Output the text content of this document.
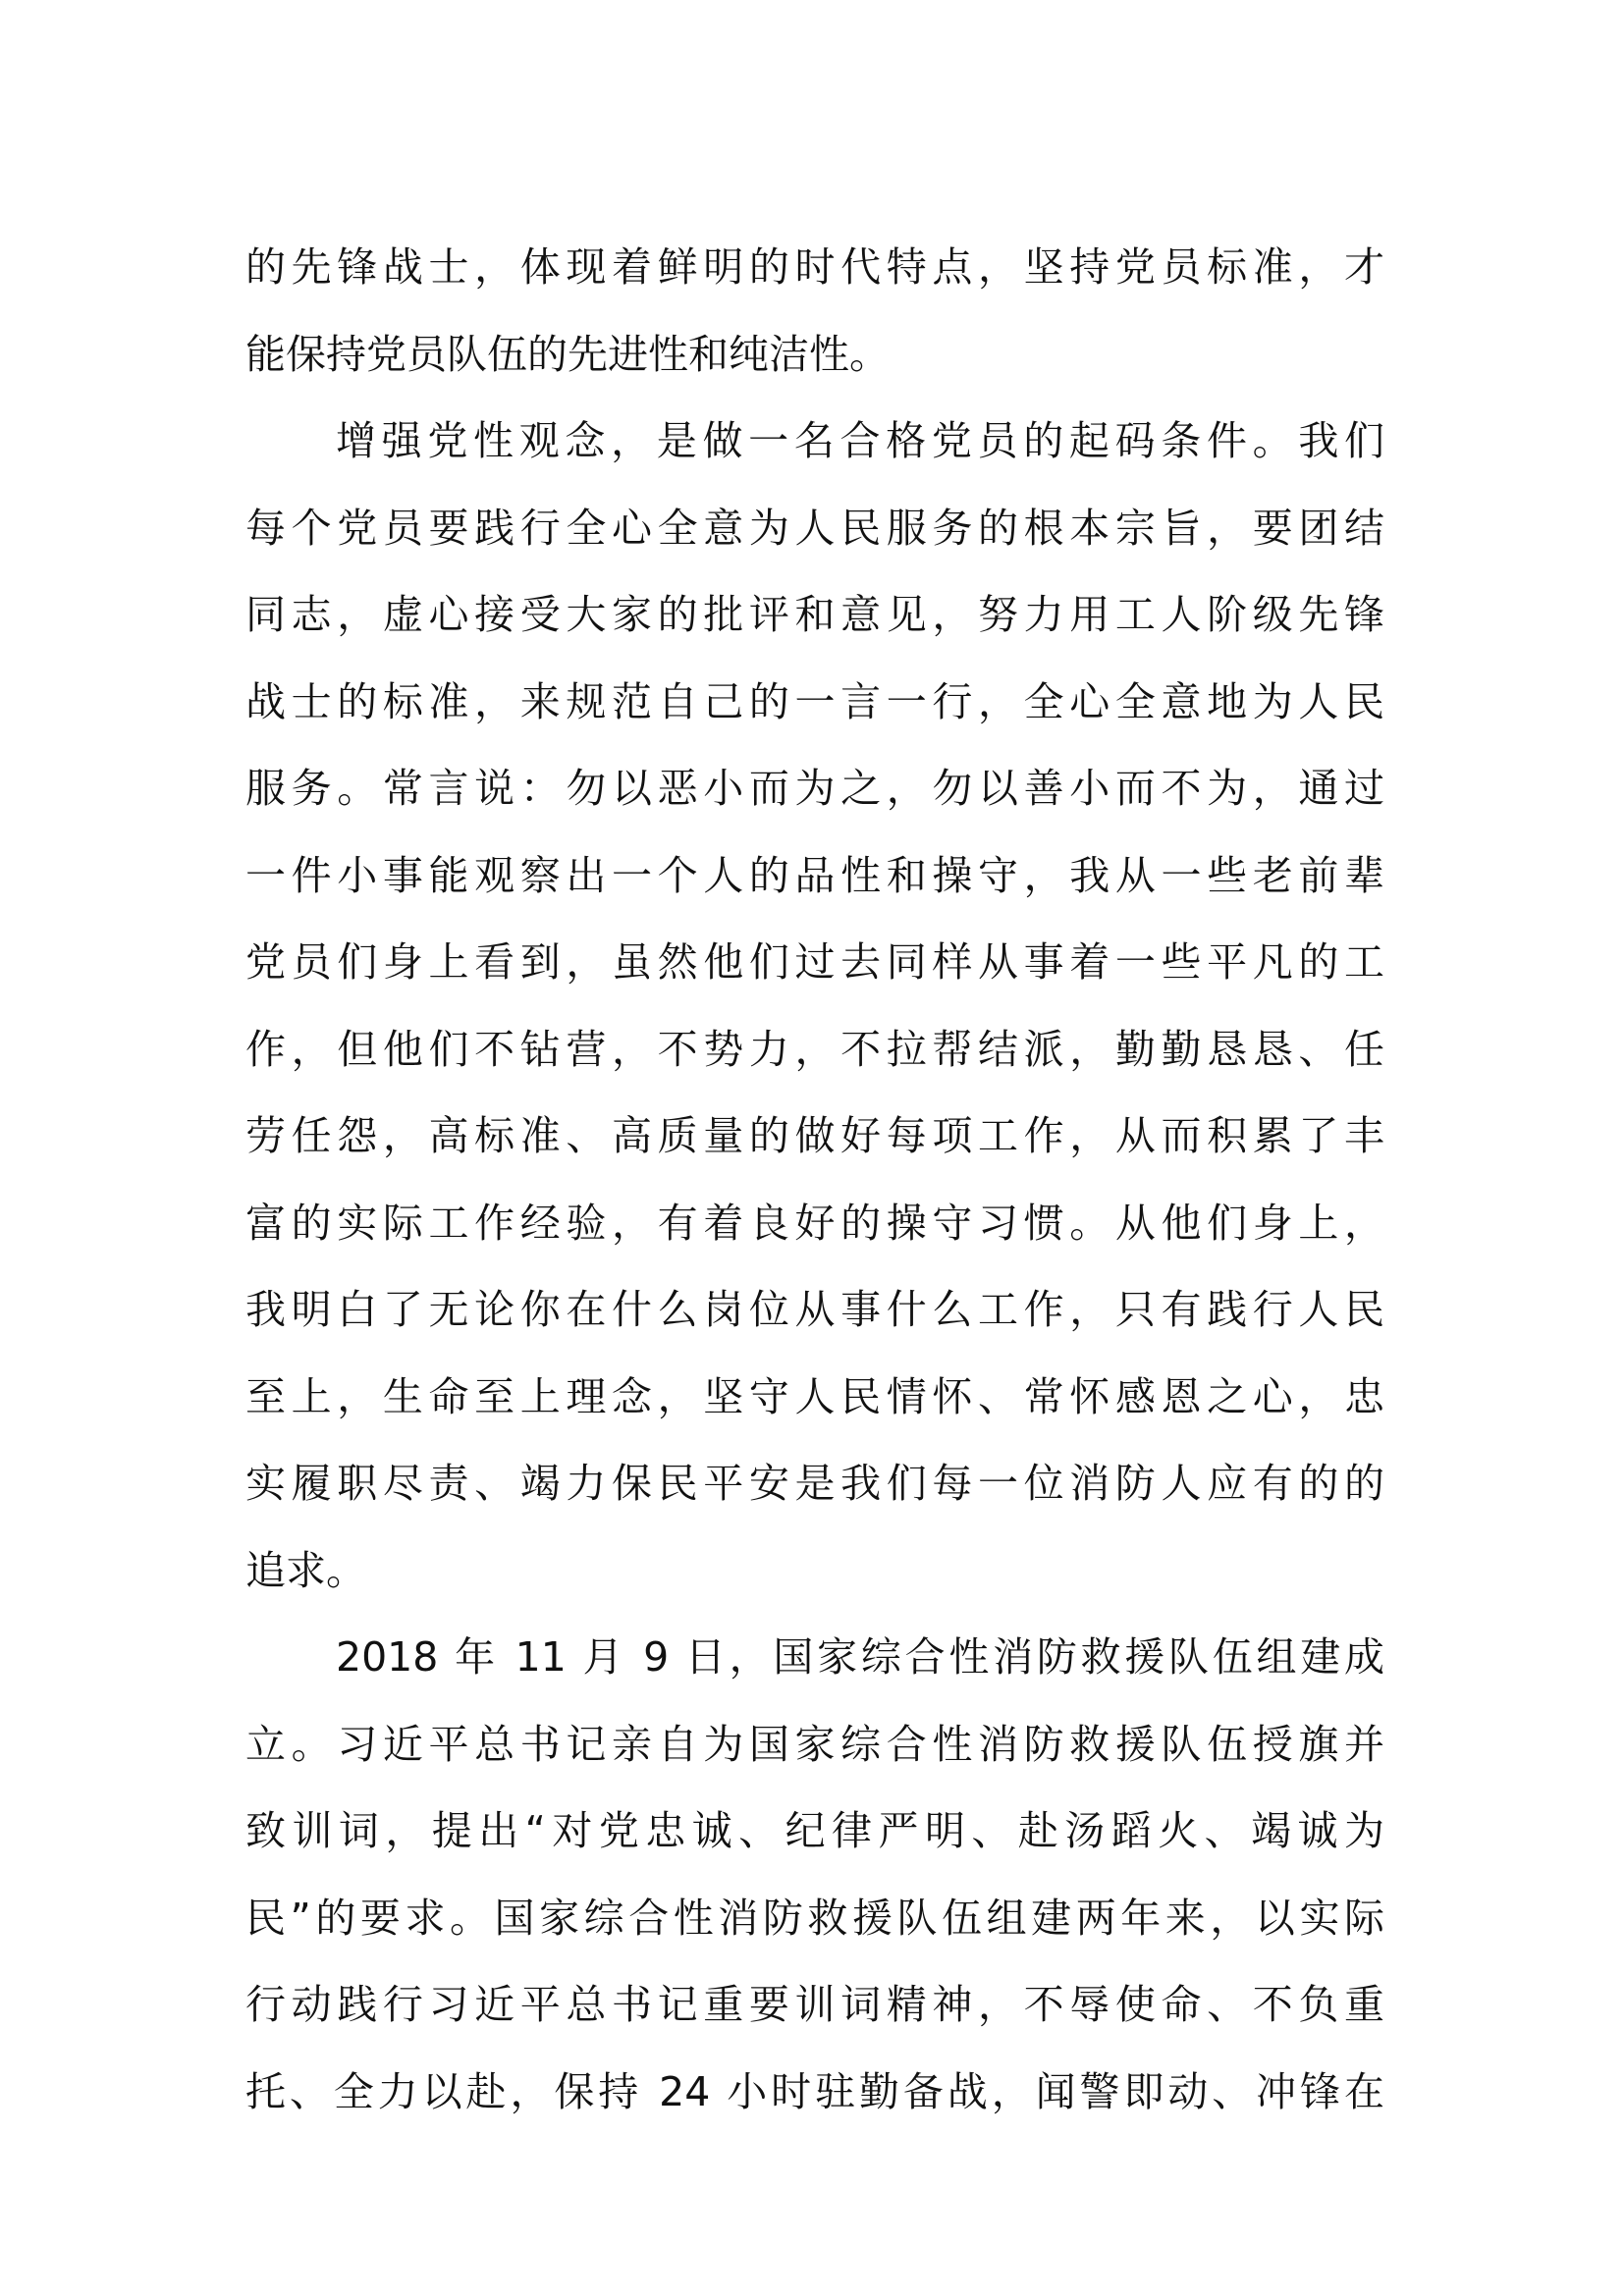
的先锋战士，体现着鲜明的时代特点，坚持党员标准，才
能保持党员队伍的先进性和纯洁性。
增强党性观念，是做一名合格党员的起码条件。我们
每个党员要践行全心全意为人民服务的根本宗旨，要团结
同志，虚心接受大家的批评和意见，努力用工人阶级先锋
战士的标准，来规范自己的一言一行，全心全意地为人民
服务。常言说：勿以恶小而为之，勿以善小而不为，通过
一件小事能观察出一个人的品性和操守，我从一些老前辈
党员们身上看到，虽然他们过去同样从事着一些平凡的工
作，但他们不钻营，不势力，不拉帮结派，勤勤恳恳、任
劳任怨，高标准、高质量的做好每项工作，从而积累了丰
富的实际工作经验，有着良好的操守习惯。从他们身上，
我明白了无论你在什么岗位从事什么工作，只有践行人民
至上，生命至上理念，坚守人民情怀、常怀感恩之心，忠
实履职尽责、竭力保民平安是我们每一位消防人应有的的
追求。
2018 年 11 月 9 日，国家综合性消防救援队伍组建成
立。习近平总书记亲自为国家综合性消防救援队伍授旗并
致训词，提出“对党忠诚、纪律严明、赴汤蹈火、竭诚为
民”的要求。国家综合性消防救援队伍组建两年来，以实际
行动践行习近平总书记重要训词精神，不辱使命、不负重
托、全力以赴，保持 24 小时驻勤备战，闻警即动、冲锋在
